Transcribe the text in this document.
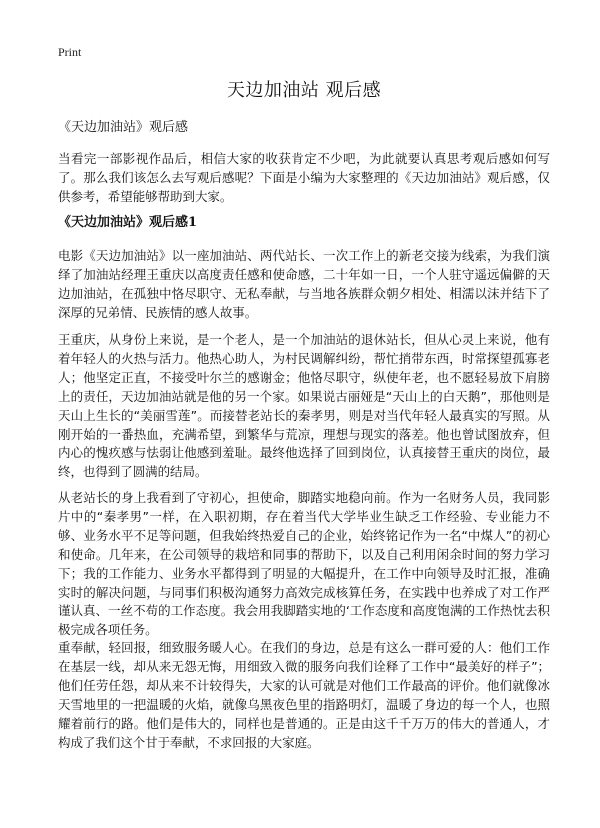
Print
天边加油站 观后感
《天边加油站》观后感

当看完一部影视作品后，相信大家的收获肯定不少吧，为此就要认真思考观后感如何写了。那么我们该怎么去写观后感呢？下面是小编为大家整理的《天边加油站》观后感，仅供参考，希望能够帮助到大家。

《天边加油站》观后感1

电影《天边加油站》以一座加油站、两代站长、一次工作上的新老交接为线索，为我们演绎了加油站经理王重庆以高度责任感和使命感，二十年如一日，一个人驻守遥远偏僻的天边加油站，在孤独中恪尽职守、无私奉献，与当地各族群众朝夕相处、相濡以沫并结下了深厚的兄弟情、民族情的感人故事。

王重庆，从身份上来说，是一个老人，是一个加油站的退休站长，但从心灵上来说，他有着年轻人的火热与活力。他热心助人，为村民调解纠纷，帮忙捎带东西，时常探望孤寡老人；他坚定正直，不接受叶尔兰的感谢金；他恪尽职守，纵使年老，也不愿轻易放下肩膀上的责任，天边加油站就是他的另一个家。如果说古丽娅是“天山上的白天鹅”，那他则是天山上生长的“美丽雪莲”。而接替老站长的秦孝男，则是对当代年轻人最真实的写照。从刚开始的一番热血，充满希望，到繁华与荒凉，理想与现实的落差。他也曾试图放弃，但内心的愧疚感与怯弱让他感到羞耻。最终他选择了回到岗位，认真接替王重庆的岗位，最终，也得到了圆满的结局。

从老站长的身上我看到了守初心，担使命，脚踏实地稳向前。作为一名财务人员，我同影片中的“秦孝男”一样，在入职初期，存在着当代大学毕业生缺乏工作经验、专业能力不够、业务水平不足等问题，但我始终热爱自己的企业，始终铭记作为一名“中煤人”的初心和使命。几年来，在公司领导的栽培和同事的帮助下，以及自己利用闲余时间的努力学习下；我的工作能力、业务水平都得到了明显的大幅提升，在工作中向领导及时汇报，准确实时的解决问题，与同事们积极沟通努力高效完成核算任务，在实践中也养成了对工作严谨认真、一丝不苟的工作态度。我会用我脚踏实地的‘工作态度和高度饱满的工作热忱去积极完成各项任务。

重奉献，轻回报，细致服务暖人心。在我们的身边，总是有这么一群可爱的人：他们工作在基层一线，却从来无怨无悔，用细致入微的服务向我们诠释了工作中“最美好的样子”；他们任劳任怨，却从来不计较得失，大家的认可就是对他们工作最高的评价。他们就像冰天雪地里的一把温暖的火焰，就像乌黑夜色里的指路明灯，温暖了身边的每一个人，也照耀着前行的路。他们是伟大的，同样也是普通的。正是由这千千万万的伟大的普通人，才构成了我们这个甘于奉献，不求回报的大家庭。
